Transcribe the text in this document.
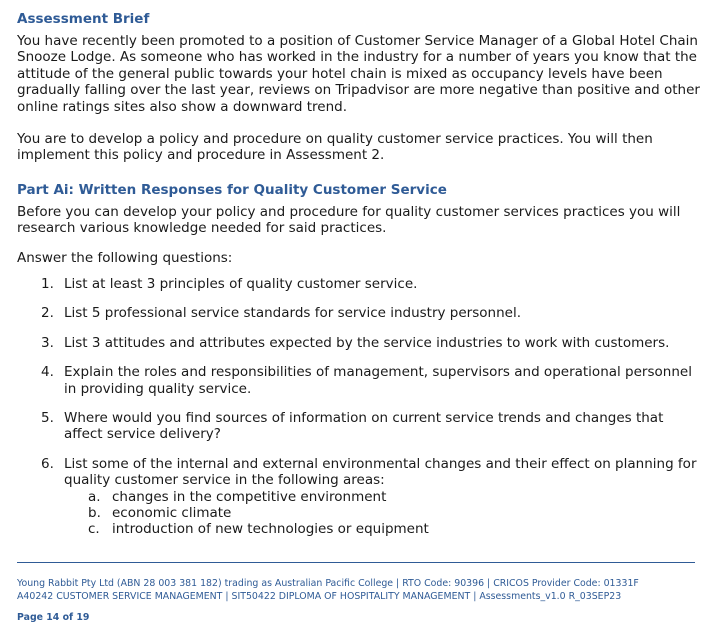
Assessment Brief

You have recently been promoted to a position of Customer Service Manager of a Global Hotel Chain Snooze Lodge. As someone who has worked in the industry for a number of years you know that the attitude of the general public towards your hotel chain is mixed as occupancy levels have been gradually falling over the last year, reviews on Tripadvisor are more negative than positive and other online ratings sites also show a downward trend.

You are to develop a policy and procedure on quality customer service practices. You will then implement this policy and procedure in Assessment 2.

Part Ai: Written Responses for Quality Customer Service

Before you can develop your policy and procedure for quality customer services practices you will research various knowledge needed for said practices.

Answer the following questions:

1. List at least 3 principles of quality customer service.
2. List 5 professional service standards for service industry personnel.
3. List 3 attitudes and attributes expected by the service industries to work with customers.
4. Explain the roles and responsibilities of management, supervisors and operational personnel in providing quality service.
5. Where would you find sources of information on current service trends and changes that affect service delivery?
6. List some of the internal and external environmental changes and their effect on planning for quality customer service in the following areas:
a. changes in the competitive environment
b. economic climate
c. introduction of new technologies or equipment
Young Rabbit Pty Ltd (ABN 28 003 381 182) trading as Australian Pacific College | RTO Code: 90396 | CRICOS Provider Code: 01331F
A40242 CUSTOMER SERVICE MANAGEMENT | SIT50422 DIPLOMA OF HOSPITALITY MANAGEMENT | Assessments_v1.0 R_03SEP23
Page 14 of 19
